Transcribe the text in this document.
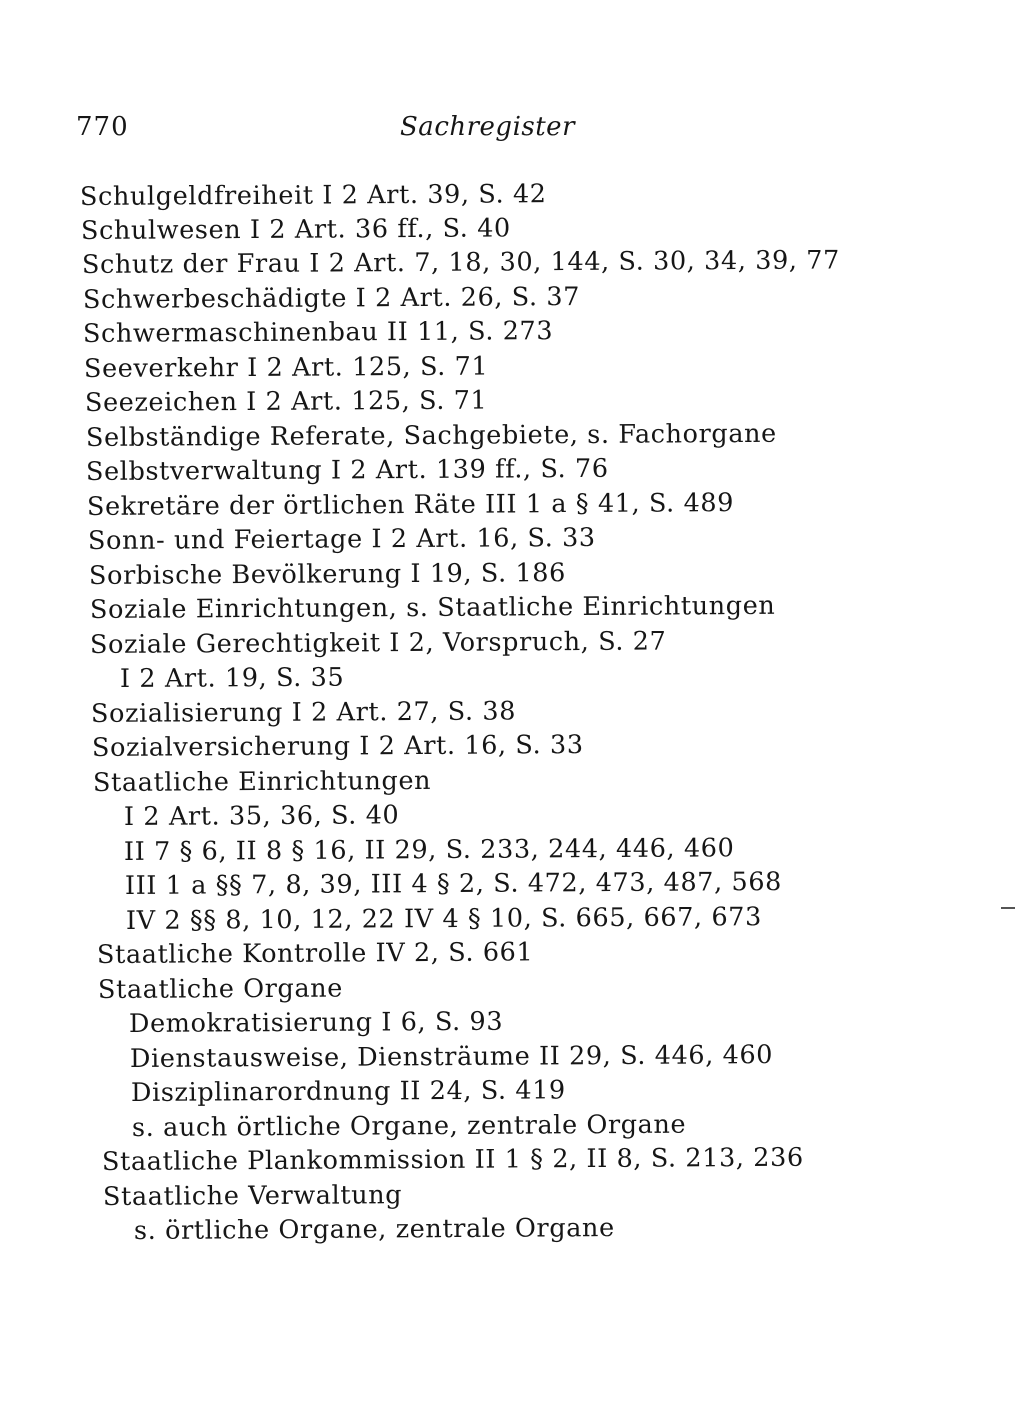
770	Sachregister
Schulgeldfreiheit I 2 Art. 39, S. 42
Schulwesen I 2 Art. 36 ff., S. 40
Schutz der Frau I 2 Art. 7, 18, 30, 144, S. 30, 34, 39, 77
Schwerbeschädigte I 2 Art. 26, S. 37
Schwermaschinenbau II 11, S. 273
Seeverkehr I 2 Art. 125, S. 71
Seezeichen I 2 Art. 125, S. 71
Selbständige Referate, Sachgebiete, s. Fachorgane
Selbstverwaltung I 2 Art. 139 ff., S. 76
Sekretäre der örtlichen Räte III 1 a § 41, S. 489
Sonn- und Feiertage I 2 Art. 16, S. 33
Sorbische Bevölkerung I 19, S. 186
Soziale Einrichtungen, s. Staatliche Einrichtungen
Soziale Gerechtigkeit I 2, Vorspruch, S. 27
I 2 Art. 19, S. 35
Sozialisierung I 2 Art. 27, S. 38
Sozialversicherung I 2 Art. 16, S. 33
Staatliche Einrichtungen
I 2 Art. 35, 36, S. 40
II 7 § 6, II 8 § 16, II 29, S. 233, 244, 446, 460
III 1 a §§ 7, 8, 39, III 4 § 2, S. 472, 473, 487, 568
IV 2 §§ 8, 10, 12, 22 IV 4 § 10, S. 665, 667, 673
Staatliche Kontrolle IV 2, S. 661
Staatliche Organe
Demokratisierung I 6, S. 93
Dienstausweise, Diensträume II 29, S. 446, 460
Disziplinarordnung II 24, S. 419
s. auch örtliche Organe, zentrale Organe
Staatliche Plankommission II 1 § 2, II 8, S. 213, 236
Staatliche Verwaltung
s. örtliche Organe, zentrale Organe
